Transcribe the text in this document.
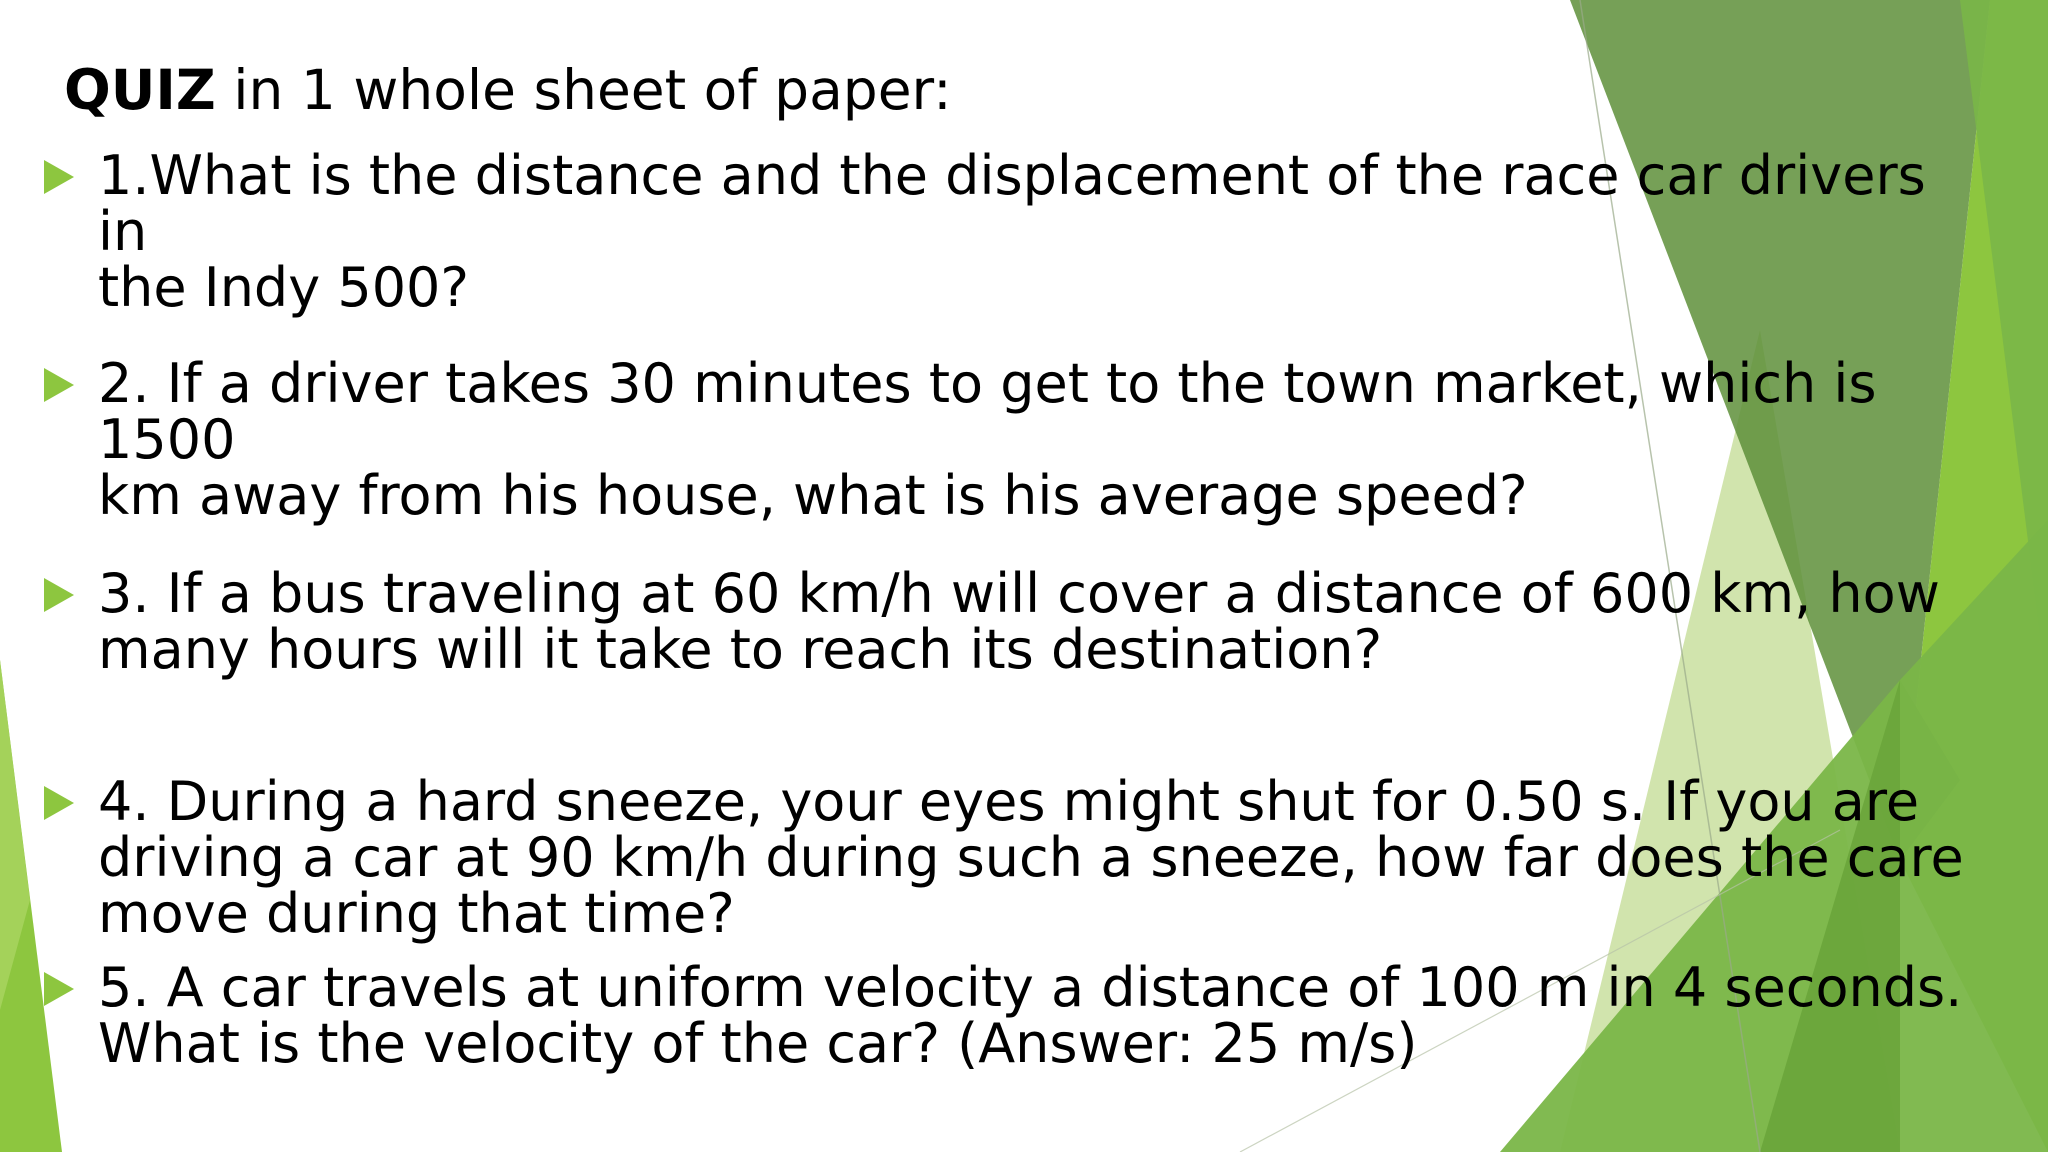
QUIZ in 1 whole sheet of paper:
1.What is the distance and the displacement of the race car drivers in
the Indy 500?
2. If a driver takes 30 minutes to get to the town market, which is 1500
km away from his house, what is his average speed?
3. If a bus traveling at 60 km/h will cover a distance of 600 km, how
many hours will it take to reach its destination?
4. During a hard sneeze, your eyes might shut for 0.50 s. If you are
driving a car at 90 km/h during such a sneeze, how far does the care
move during that time?
5. A car travels at uniform velocity a distance of 100 m in 4 seconds.
What is the velocity of the car? (Answer: 25 m/s)
